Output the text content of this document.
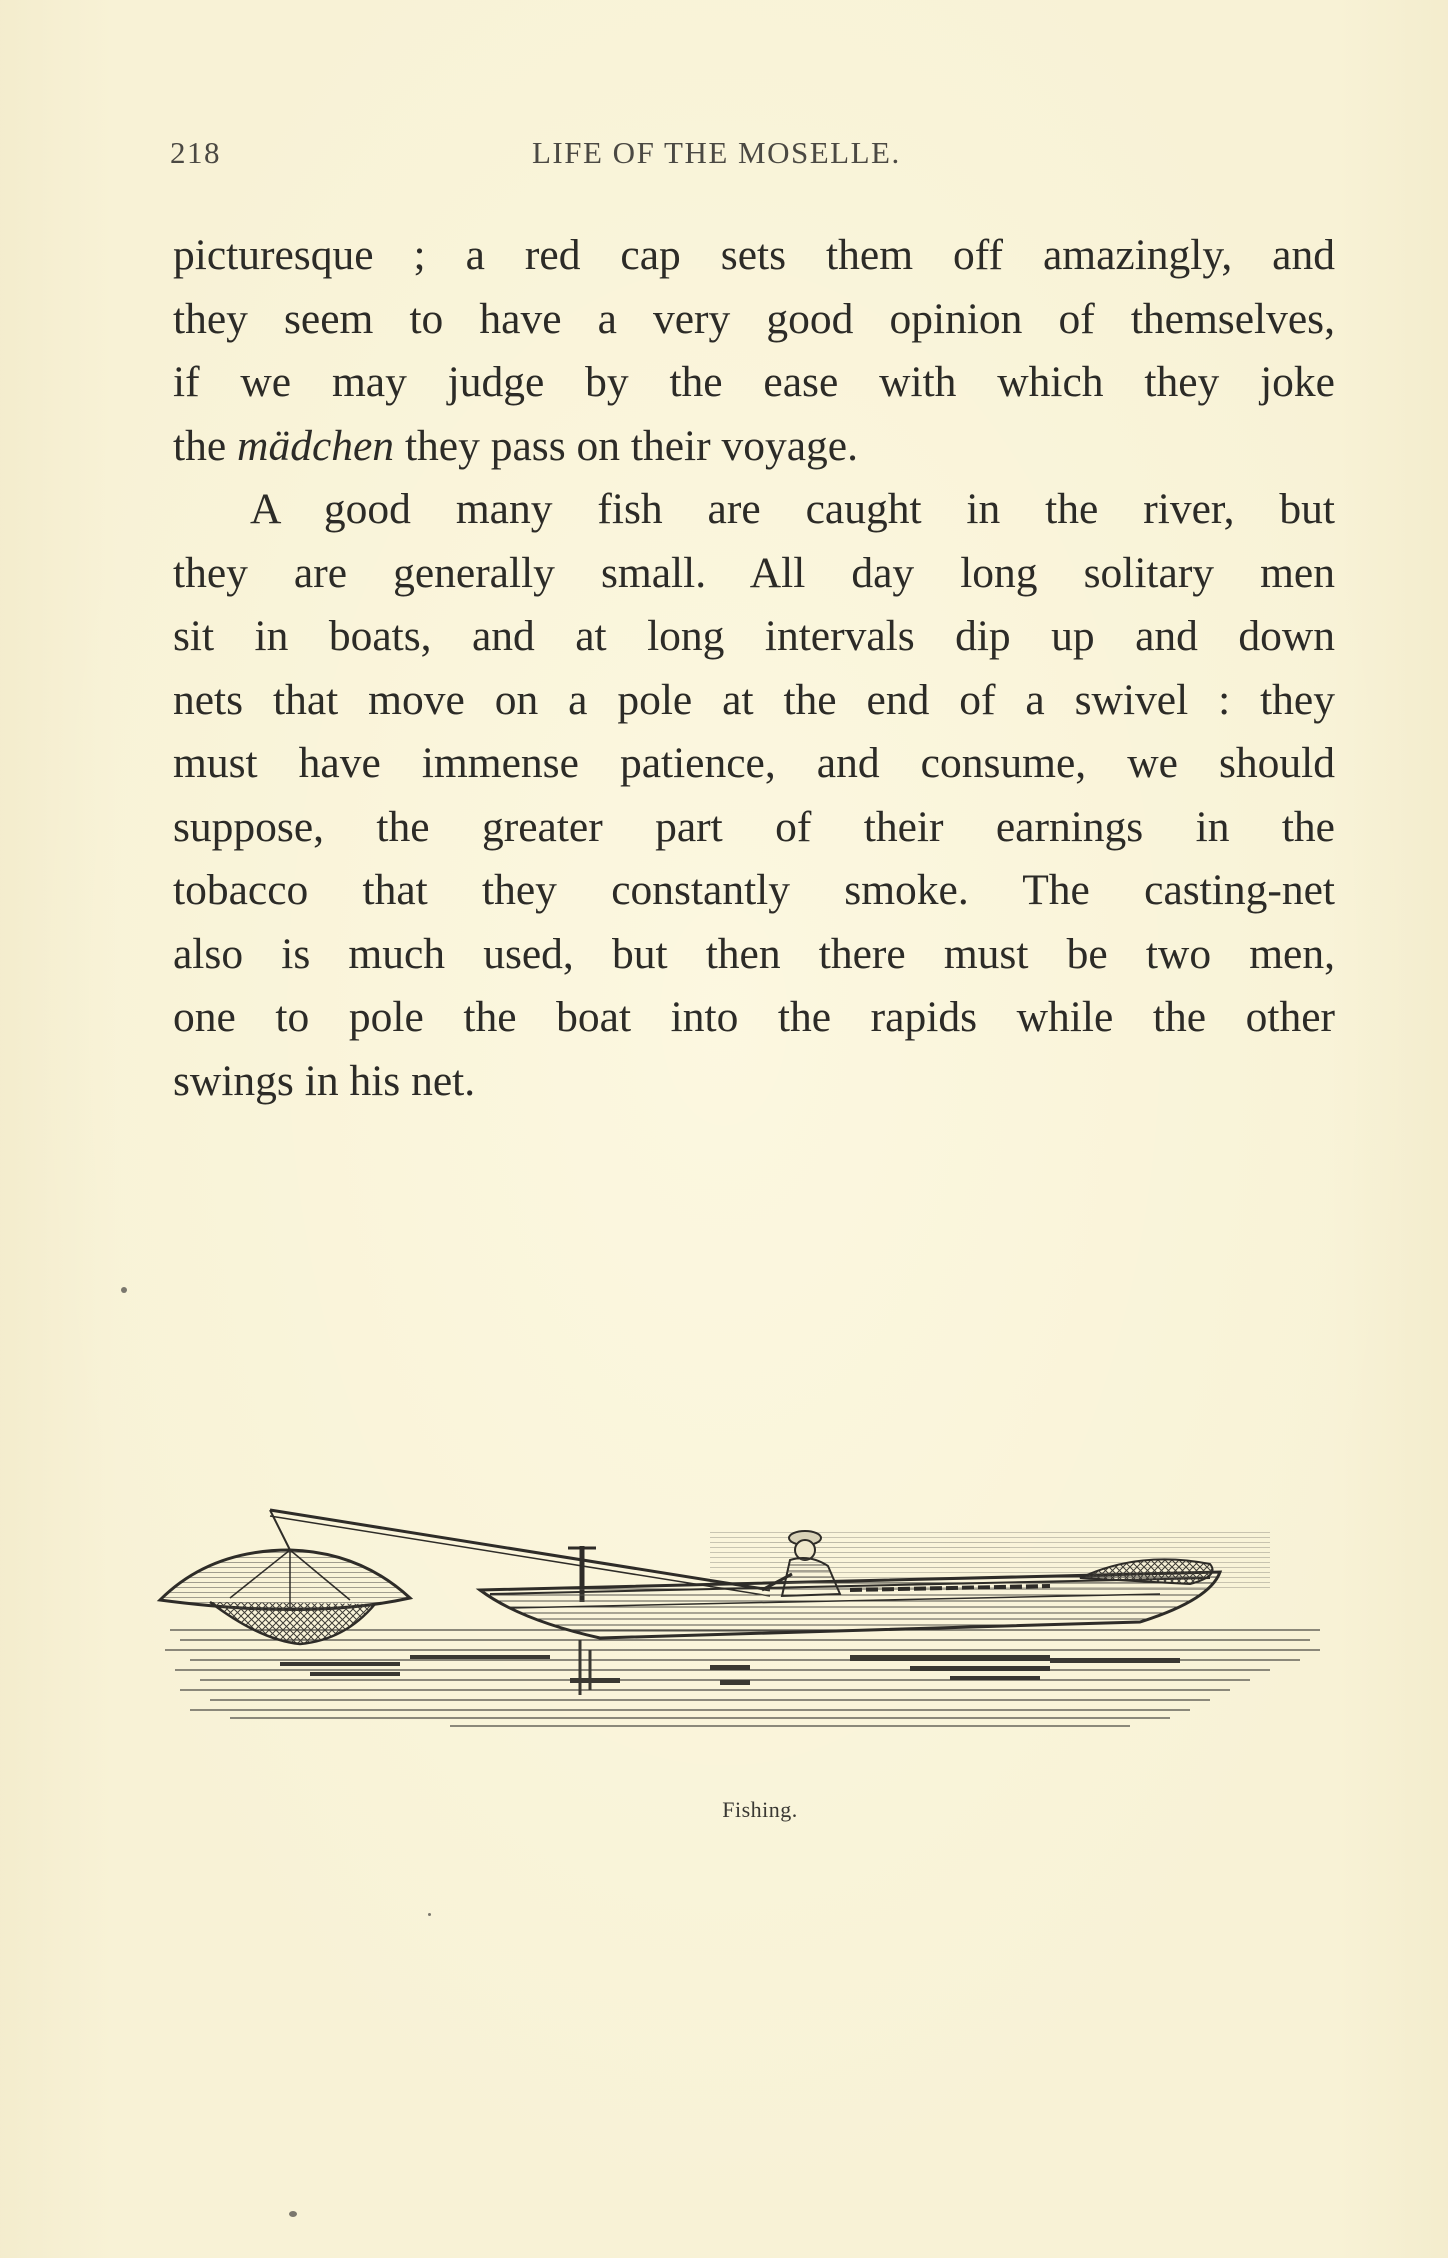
218	LIFE OF THE MOSELLE.

picturesque ; a red cap sets them off amazingly, and
they seem to have a very good opinion of themselves,
if we may judge by the ease with which they joke
the mädchen they pass on their voyage.

A good many fish are caught in the river, but
they are generally small. All day long solitary men
sit in boats, and at long intervals dip up and down
nets that move on a pole at the end of a swivel : they
must have immense patience, and consume, we should
suppose, the greater part of their earnings in the
tobacco that they constantly smoke. The casting-net
also is much used, but then there must be two men,
one to pole the boat into the rapids while the other
swings in his net.

Fishing.
